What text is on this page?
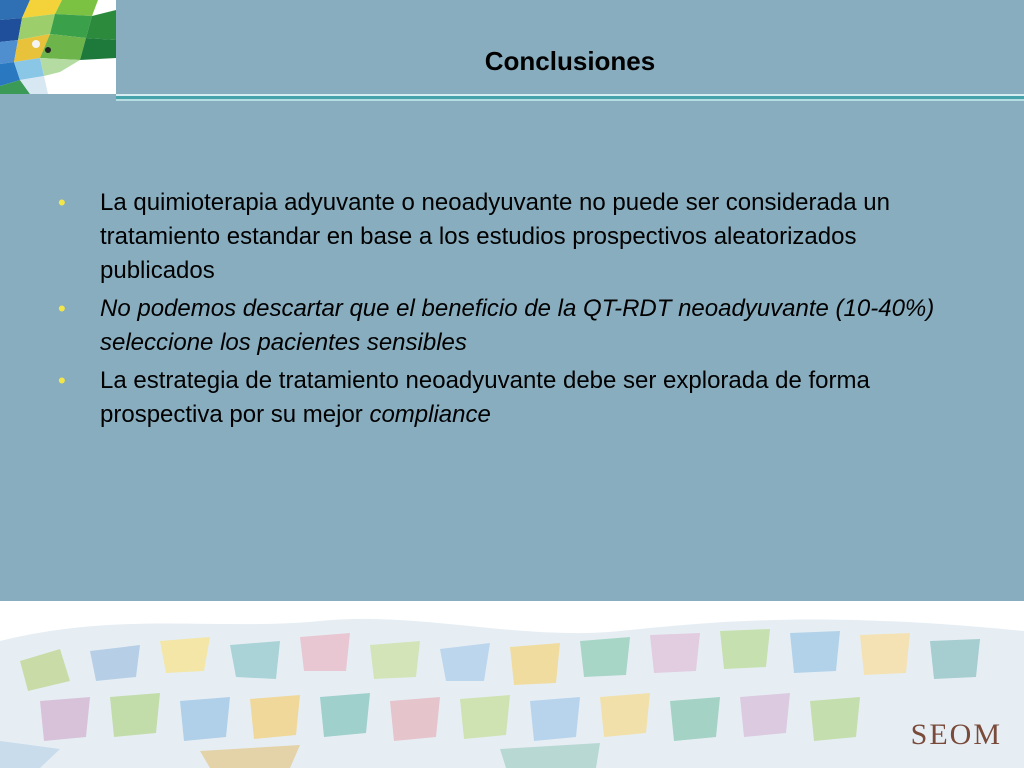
Conclusiones
• La quimioterapia adyuvante o neoadyuvante no puede ser considerada un tratamiento estandar en base a los estudios prospectivos aleatorizados publicados
• No podemos descartar que el beneficio de la QT-RDT neoadyuvante (10-40%) seleccione los pacientes sensibles
• La estrategia de tratamiento neoadyuvante debe ser explorada de forma prospectiva por su mejor compliance
SEOM
